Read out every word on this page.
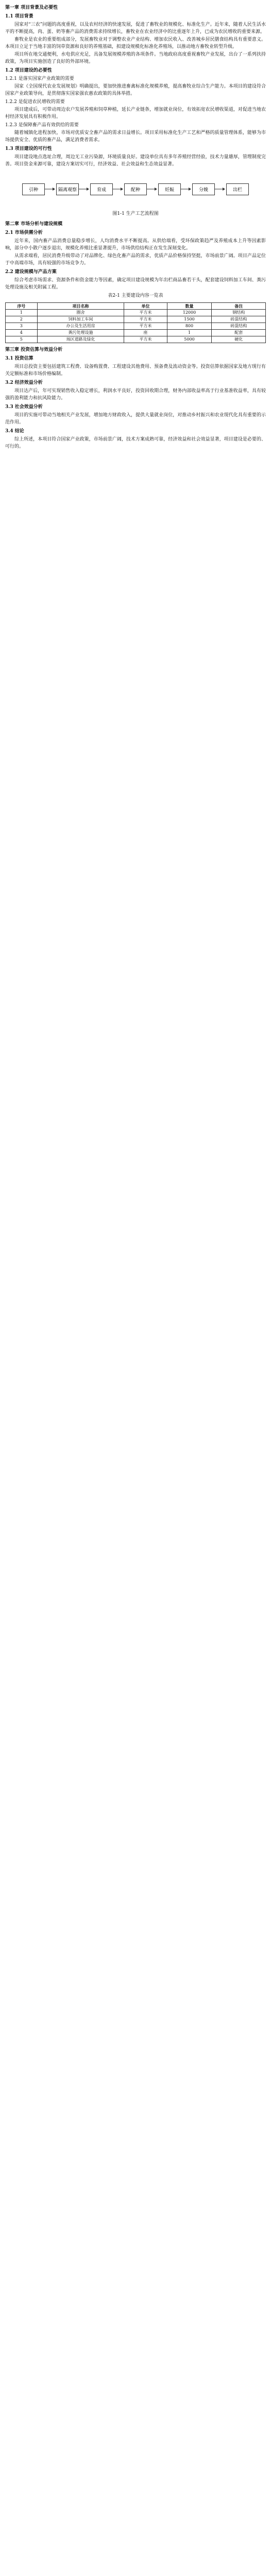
第一章 项目背景及必要性
1.1 项目背景
国家对“三农”问题的高度重视，以及农村经济的快速发展，促进了畜牧业的规模化、标准化生产。近年来，随着人民生活水平的不断提高，肉、蛋、奶等畜产品的消费需求持续增长，畜牧业在农业经济中的比重逐年上升，已成为农民增收的重要来源。
畜牧业是农业的重要组成部分，发展畜牧业对于调整农业产业结构、增加农民收入、改善城乡居民膳食结构具有重要意义。本项目立足于当地丰富的饲草资源和良好的养殖基础，拟建设规模化标准化养殖场，以推动地方畜牧业转型升级。
项目所在地交通便利，水电供应充足，具备发展规模养殖的各项条件。当地政府高度重视畜牧产业发展，出台了一系列扶持政策，为项目实施创造了良好的外部环境。
1.2 项目建设的必要性
1.2.1 是落实国家产业政策的需要
国家《全国现代农业发展规划》明确提出，要加快推进畜禽标准化规模养殖，提高畜牧业综合生产能力。本项目的建设符合国家产业政策导向，是贯彻落实国家强农惠农政策的具体举措。
1.2.2 是促进农民增收的需要
项目建成后，可带动周边农户发展养殖和饲草种植，延长产业链条，增加就业岗位，有效拓宽农民增收渠道，对促进当地农村经济发展具有积极作用。
1.2.3 是保障畜产品有效供给的需要
随着城镇化进程加快，市场对优质安全畜产品的需求日益增长。项目采用标准化生产工艺和严格的质量管理体系，能够为市场提供安全、优质的畜产品，满足消费者需求。
1.3 项目建设的可行性
项目建设地点选址合理，周边无工业污染源，环境质量良好。建设单位具有多年养殖经营经验，技术力量雄厚，管理制度完善。项目资金来源可靠，建设方案切实可行，经济效益、社会效益和生态效益显著。
引种	隔离观察	育成	配种	妊娠	分娩	出栏
图1-1 生产工艺流程图
第二章 市场分析与建设规模
2.1 市场供需分析
近年来，国内畜产品消费总量稳步增长，人均消费水平不断提高。从供给端看，受环保政策趋严及养殖成本上升等因素影响，部分中小散户逐步退出，规模化养殖比重显著提升，市场供给结构正在发生深刻变化。
从需求端看，居民消费升级带动了对品牌化、绿色化畜产品的需求，优质产品价格保持坚挺，市场前景广阔。项目产品定位于中高端市场，具有较强的市场竞争力。
2.2 建设规模与产品方案
综合考虑市场需求、资源条件和资金能力等因素，确定项目建设规模为年出栏商品畜若干头，配套建设饲料加工车间、粪污处理设施及相关附属工程。
表2-1 主要建设内容一览表
序号	项目名称	单位	数量	备注
1	圈舍	平方米	12000	钢结构
2	饲料加工车间	平方米	1500	砖混结构
3	办公及生活用房	平方米	800	砖混结构
4	粪污处理设施	座	1	配套
5	场区道路及绿化	平方米	5000	硬化
第三章 投资估算与效益分析
3.1 投资估算
项目总投资主要包括建筑工程费、设备购置费、工程建设其他费用、预备费及流动资金等。投资估算依据国家及地方现行有关定额标准和市场价格编制。
3.2 经济效益分析
项目达产后，年可实现销售收入稳定增长，利润水平良好，投资回收期合理，财务内部收益率高于行业基准收益率，具有较强的盈利能力和抗风险能力。
3.3 社会效益分析
项目的实施可带动当地相关产业发展，增加地方财政收入，提供大量就业岗位，对推动乡村振兴和农业现代化具有重要的示范作用。
3.4 结论
综上所述，本项目符合国家产业政策，市场前景广阔，技术方案成熟可靠，经济效益和社会效益显著，项目建设是必要的、可行的。
